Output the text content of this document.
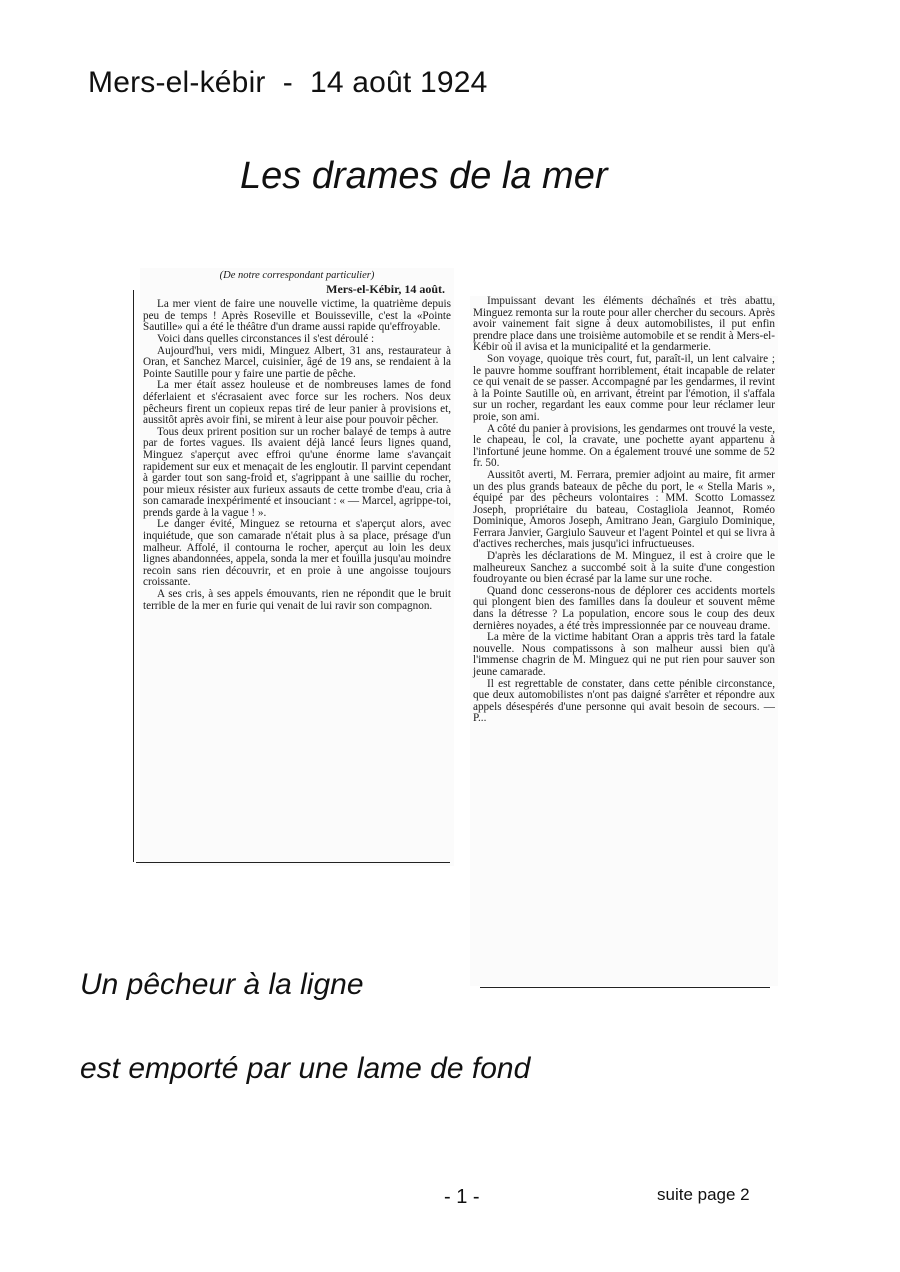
Mers-el-kébir  -  14 août 1924
Les drames de la mer
(De notre correspondant particulier)
Mers-el-Kébir, 14 août.

La mer vient de faire une nouvelle victime, la quatrième depuis peu de temps ! Après Roseville et Bouisseville, c'est la «Pointe Sautille» qui a été le théâtre d'un drame aussi rapide qu'effroyable.

Voici dans quelles circonstances il s'est déroulé :

Aujourd'hui, vers midi, Minguez Albert, 31 ans, restaurateur à Oran, et Sanchez Marcel, cuisinier, âgé de 19 ans, se rendaient à la Pointe Sautille pour y faire une partie de pêche.

La mer était assez houleuse et de nombreuses lames de fond déferlaient et s'écrasaient avec force sur les rochers. Nos deux pêcheurs firent un copieux repas tiré de leur panier à provisions et, aussitôt après avoir fini, se mirent à leur aise pour pouvoir pêcher.

Tous deux prirent position sur un rocher balayé de temps à autre par de fortes vagues. Ils avaient déjà lancé leurs lignes quand, Minguez s'aperçut avec effroi qu'une énorme lame s'avançait rapidement sur eux et menaçait de les engloutir. Il parvint cependant à garder tout son sang-froid et, s'agrippant à une saillie du rocher, pour mieux résister aux furieux assauts de cette trombe d'eau, cria à son camarade inexpérimenté et insouciant : « — Marcel, agrippe-toi, prends garde à la vague ! ».

Le danger évité, Minguez se retourna et s'aperçut alors, avec inquiétude, que son camarade n'était plus à sa place, présage d'un malheur. Affolé, il contourna le rocher, aperçut au loin les deux lignes abandonnées, appela, sonda la mer et fouilla jusqu'au moindre recoin sans rien découvrir, et en proie à une angoisse toujours croissante.

A ses cris, à ses appels émouvants, rien ne répondit que le bruit terrible de la mer en furie qui venait de lui ravir son compagnon.

Impuissant devant les éléments déchaînés et très abattu, Minguez remonta sur la route pour aller chercher du secours. Après avoir vainement fait signe à deux automobilistes, il put enfin prendre place dans une troisième automobile et se rendit à Mers-el-Kébir où il avisa et la municipalité et la gendarmerie.

Son voyage, quoique très court, fut, paraît-il, un lent calvaire ; le pauvre homme souffrant horriblement, était incapable de relater ce qui venait de se passer. Accompagné par les gendarmes, il revint à la Pointe Sautille où, en arrivant, étreint par l'émotion, il s'affala sur un rocher, regardant les eaux comme pour leur réclamer leur proie, son ami.

A côté du panier à provisions, les gendarmes ont trouvé la veste, le chapeau, le col, la cravate, une pochette ayant appartenu à l'infortuné jeune homme. On a également trouvé une somme de 52 fr. 50.

Aussitôt averti, M. Ferrara, premier adjoint au maire, fit armer un des plus grands bateaux de pêche du port, le « Stella Maris », équipé par des pêcheurs volontaires : MM. Scotto Lomassez Joseph, propriétaire du bateau, Costagliola Jeannot, Roméo Dominique, Amoros Joseph, Amitrano Jean, Gargiulo Dominique, Ferrara Janvier, Gargiulo Sauveur et l'agent Pointel et qui se livra à d'actives recherches, mais jusqu'ici infructueuses.

D'après les déclarations de M. Minguez, il est à croire que le malheureux Sanchez a succombé soit à la suite d'une congestion foudroyante ou bien écrasé par la lame sur une roche.

Quand donc cesserons-nous de déplorer ces accidents mortels qui plongent bien des familles dans la douleur et souvent même dans la détresse ? La population, encore sous le coup des deux dernières noyades, a été très impressionnée par ce nouveau drame.

La mère de la victime habitant Oran a appris très tard la fatale nouvelle. Nous compatissons à son malheur aussi bien qu'à l'immense chagrin de M. Minguez qui ne put rien pour sauver son jeune camarade.

Il est regrettable de constater, dans cette pénible circonstance, que deux automobilistes n'ont pas daigné s'arrêter et répondre aux appels désespérés d'une personne qui avait besoin de secours. — P...

Un pêcheur à la ligne
est emporté par une lame de fond
- 1 -	suite page 2
